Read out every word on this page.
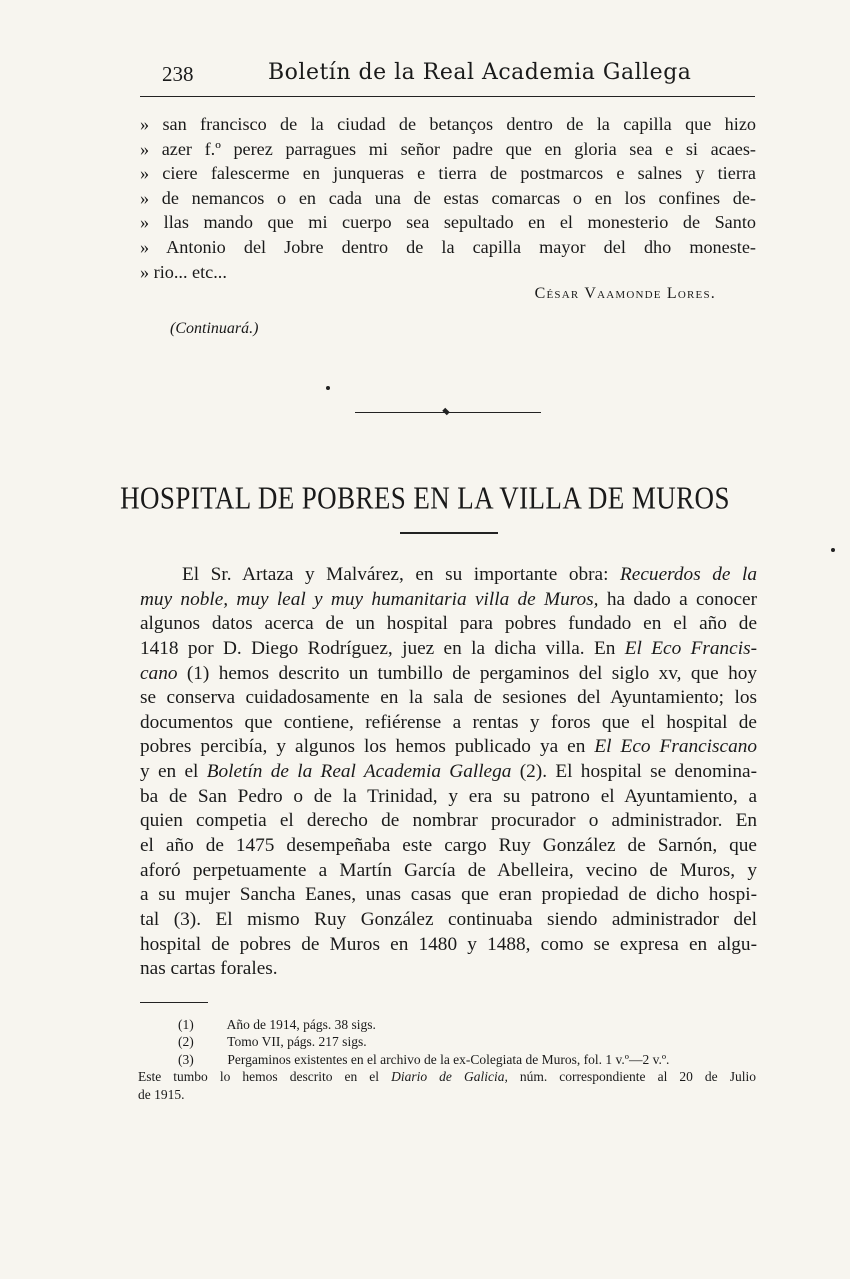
238	Boletín de la Real Academia Gallega
» san francisco de la ciudad de betanços dentro de la capilla que hizo
» azer f.º perez parragues mi señor padre que en gloria sea e si acaes-
» ciere falescerme en junqueras e tierra de postmarcos e salnes y tierra
» de nemancos o en cada una de estas comarcas o en los confines de-
» llas mando que mi cuerpo sea sepultado en el monesterio de Santo
» Antonio del Jobre dentro de la capilla mayor del dho moneste-
» rio... etc...
César Vaamonde Lores.
(Continuará.)
HOSPITAL DE POBRES EN LA VILLA DE MUROS
El Sr. Artaza y Malvárez, en su importante obra: Recuerdos de la
muy noble, muy leal y muy humanitaria villa de Muros, ha dado a conocer
algunos datos acerca de un hospital para pobres fundado en el año de
1418 por D. Diego Rodríguez, juez en la dicha villa. En El Eco Francis-
cano (1) hemos descrito un tumbillo de pergaminos del siglo xv, que hoy
se conserva cuidadosamente en la sala de sesiones del Ayuntamiento; los
documentos que contiene, refiérense a rentas y foros que el hospital de
pobres percibía, y algunos los hemos publicado ya en El Eco Franciscano
y en el Boletín de la Real Academia Gallega (2). El hospital se denomina-
ba de San Pedro o de la Trinidad, y era su patrono el Ayuntamiento, a
quien competia el derecho de nombrar procurador o administrador. En
el año de 1475 desempeñaba este cargo Ruy González de Sarnón, que
aforó perpetuamente a Martín García de Abelleira, vecino de Muros, y
a su mujer Sancha Eanes, unas casas que eran propiedad de dicho hospi-
tal (3). El mismo Ruy González continuaba siendo administrador del
hospital de pobres de Muros en 1480 y 1488, como se expresa en algu-
nas cartas forales.
(1) Año de 1914, págs. 38 sigs.
(2) Tomo VII, págs. 217 sigs.
(3) Pergaminos existentes en el archivo de la ex-Colegiata de Muros, fol. 1 v.º—2 v.º.
Este tumbo lo hemos descrito en el Diario de Galicia, núm. correspondiente al 20 de Julio
de 1915.
